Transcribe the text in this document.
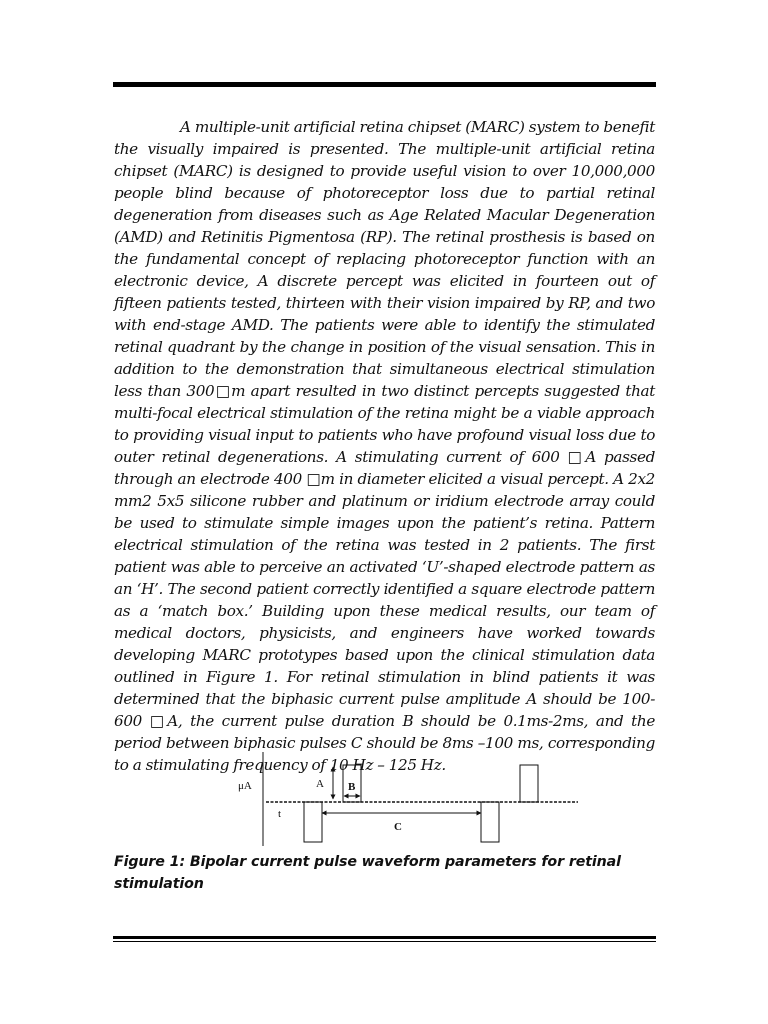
A multiple-unit artificial retina chipset (MARC) system to benefit the visually impaired is presented. The multiple-unit artificial retina chipset (MARC) is designed to provide useful vision to over 10,000,000 people blind because of photoreceptor loss due to partial retinal degeneration from diseases such as Age Related Macular Degeneration (AMD) and Retinitis Pigmentosa (RP). The retinal prosthesis is based on the fundamental concept of replacing photoreceptor function with an electronic device, A discrete percept was elicited in fourteen out of fifteen patients tested, thirteen with their vision impaired by RP, and two with end-stage AMD. The patients were able to identify the stimulated retinal quadrant by the change in position of the visual sensation. This in addition to the demonstration that simultaneous electrical stimulation less than 300□m apart resulted in two distinct percepts suggested that multi-focal electrical stimulation of the retina might be a viable approach to providing visual input to patients who have profound visual loss due to outer retinal degenerations. A stimulating current of 600 □A passed through an electrode 400 □m in diameter elicited a visual percept. A 2x2 mm2 5x5 silicone rubber and platinum or iridium electrode array could be used to stimulate simple images upon the patient’s retina. Pattern electrical stimulation of the retina was tested in 2 patients. The first patient was able to perceive an activated ‘U’-shaped electrode pattern as an ‘H’. The second patient correctly identified a square electrode pattern as a ‘match box.’ Building upon these medical results, our team of medical doctors, physicists, and engineers have worked towards developing MARC prototypes based upon the clinical stimulation data outlined in Figure 1. For retinal stimulation in blind patients it was determined that the biphasic current pulse amplitude A should be 100-600 □A, the current pulse duration B should be 0.1ms-2ms, and the period between biphasic pulses C should be 8ms –100 ms, corresponding to a stimulating frequency of 10 Hz – 125 Hz.

μA	A B
t
C

Figure 1: Bipolar current pulse waveform parameters for retinal stimulation
